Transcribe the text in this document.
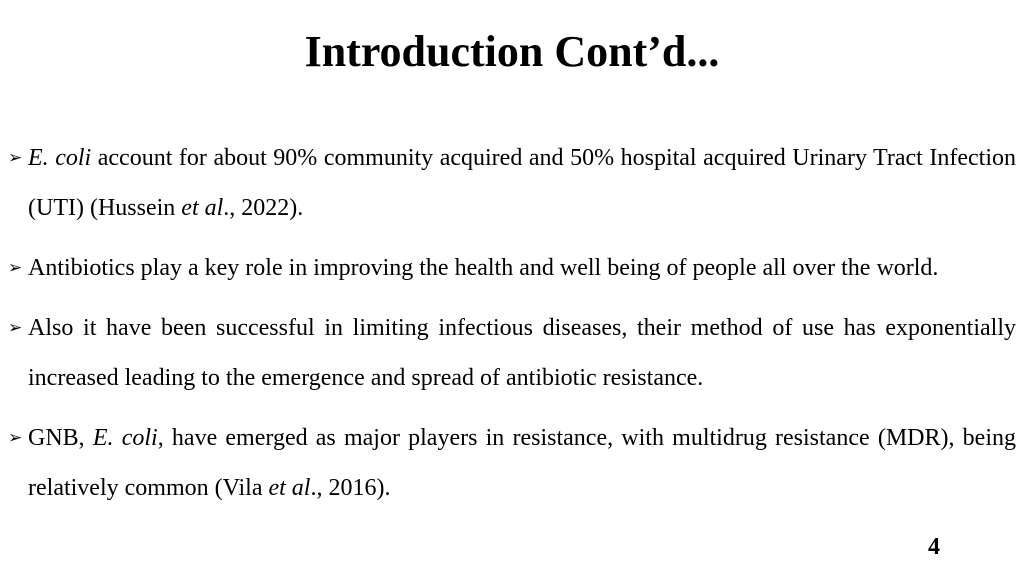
Introduction Cont’d...
➢ E. coli account for about 90% community acquired and 50% hospital acquired Urinary Tract Infection (UTI) (Hussein et al., 2022).
➢ Antibiotics play a key role in improving the health and well being of people all over the world.
➢ Also it have been successful in limiting infectious diseases, their method of use has exponentially increased leading to the emergence and spread of antibiotic resistance.
➢ GNB, E. coli, have emerged as major players in resistance, with multidrug resistance (MDR), being relatively common (Vila et al., 2016).
4
